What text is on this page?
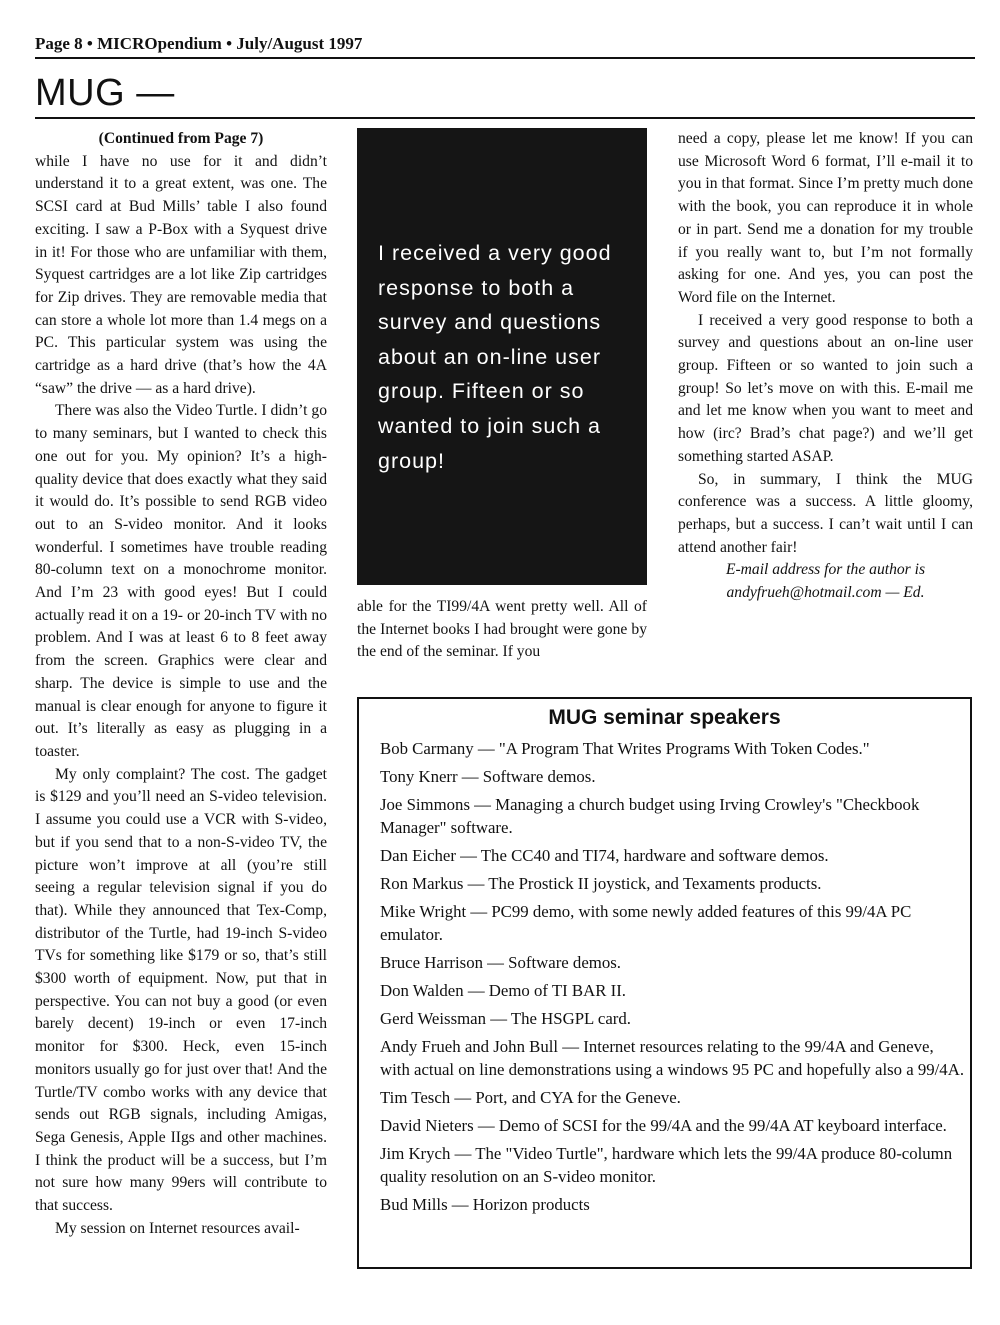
Page 8 • MICROpendium • July/August 1997
MUG —
(Continued from Page 7)

while I have no use for it and didn’t understand it to a great extent, was one. The SCSI card at Bud Mills’ table I also found exciting. I saw a P-Box with a Syquest drive in it! For those who are unfamiliar with them, Syquest cartridges are a lot like Zip cartridges for Zip drives. They are removable media that can store a whole lot more than 1.4 megs on a PC. This particular system was using the cartridge as a hard drive (that’s how the 4A “saw” the drive — as a hard drive).

There was also the Video Turtle. I didn’t go to many seminars, but I wanted to check this one out for you. My opinion? It’s a high-quality device that does exactly what they said it would do. It’s possible to send RGB video out to an S-video monitor. And it looks wonderful. I sometimes have trouble reading 80-column text on a monochrome monitor. And I’m 23 with good eyes! But I could actually read it on a 19- or 20-inch TV with no problem. And I was at least 6 to 8 feet away from the screen. Graphics were clear and sharp. The device is simple to use and the manual is clear enough for anyone to figure it out. It’s literally as easy as plugging in a toaster.

My only complaint? The cost. The gadget is $129 and you’ll need an S-video television. I assume you could use a VCR with S-video, but if you send that to a non-S-video TV, the picture won’t improve at all (you’re still seeing a regular television signal if you do that). While they announced that Tex-Comp, distributor of the Turtle, had 19-inch S-video TVs for something like $179 or so, that’s still $300 worth of equipment. Now, put that in perspective. You can not buy a good (or even barely decent) 19-inch or even 17-inch monitor for $300. Heck, even 15-inch monitors usually go for just over that! And the Turtle/TV combo works with any device that sends out RGB signals, including Amigas, Sega Genesis, Apple IIgs and other machines. I think the product will be a success, but I’m not sure how many 99ers will contribute to that success.

My session on Internet resources avail-

I received a very good response to both a survey and questions about an on-line user group. Fifteen or so wanted to join such a group!

able for the TI99/4A went pretty well. All of the Internet books I had brought were gone by the end of the seminar. If you

need a copy, please let me know! If you can use Microsoft Word 6 format, I’ll e-mail it to you in that format. Since I’m pretty much done with the book, you can reproduce it in whole or in part. Send me a donation for my trouble if you really want to, but I’m not formally asking for one. And yes, you can post the Word file on the Internet.

I received a very good response to both a survey and questions about an on-line user group. Fifteen or so wanted to join such a group! So let’s move on with this. E-mail me and let me know when you want to meet and how (irc? Brad’s chat page?) and we’ll get something started ASAP.

So, in summary, I think the MUG conference was a success. A little gloomy, perhaps, but a success. I can’t wait until I can attend another fair!

E-mail address for the author is andyfrueh@hotmail.com — Ed.

MUG seminar speakers

Bob Carmany — "A Program That Writes Programs With Token Codes."

Tony Knerr — Software demos.

Joe Simmons — Managing a church budget using Irving Crowley's "Checkbook Manager" software.

Dan Eicher — The CC40 and TI74, hardware and software demos.

Ron Markus — The Prostick II joystick, and Texaments products.

Mike Wright — PC99 demo, with some newly added features of this 99/4A PC emulator.

Bruce Harrison — Software demos.

Don Walden — Demo of TI BAR II.

Gerd Weissman — The HSGPL card.

Andy Frueh and John Bull — Internet resources relating to the 99/4A and Geneve, with actual on line demonstrations using a windows 95 PC and hopefully also a 99/4A.

Tim Tesch — Port, and CYA for the Geneve.

David Nieters — Demo of SCSI for the 99/4A and the 99/4A AT keyboard interface.

Jim Krych — The "Video Turtle", hardware which lets the 99/4A produce 80-column quality resolution on an S-video monitor.

Bud Mills — Horizon products
